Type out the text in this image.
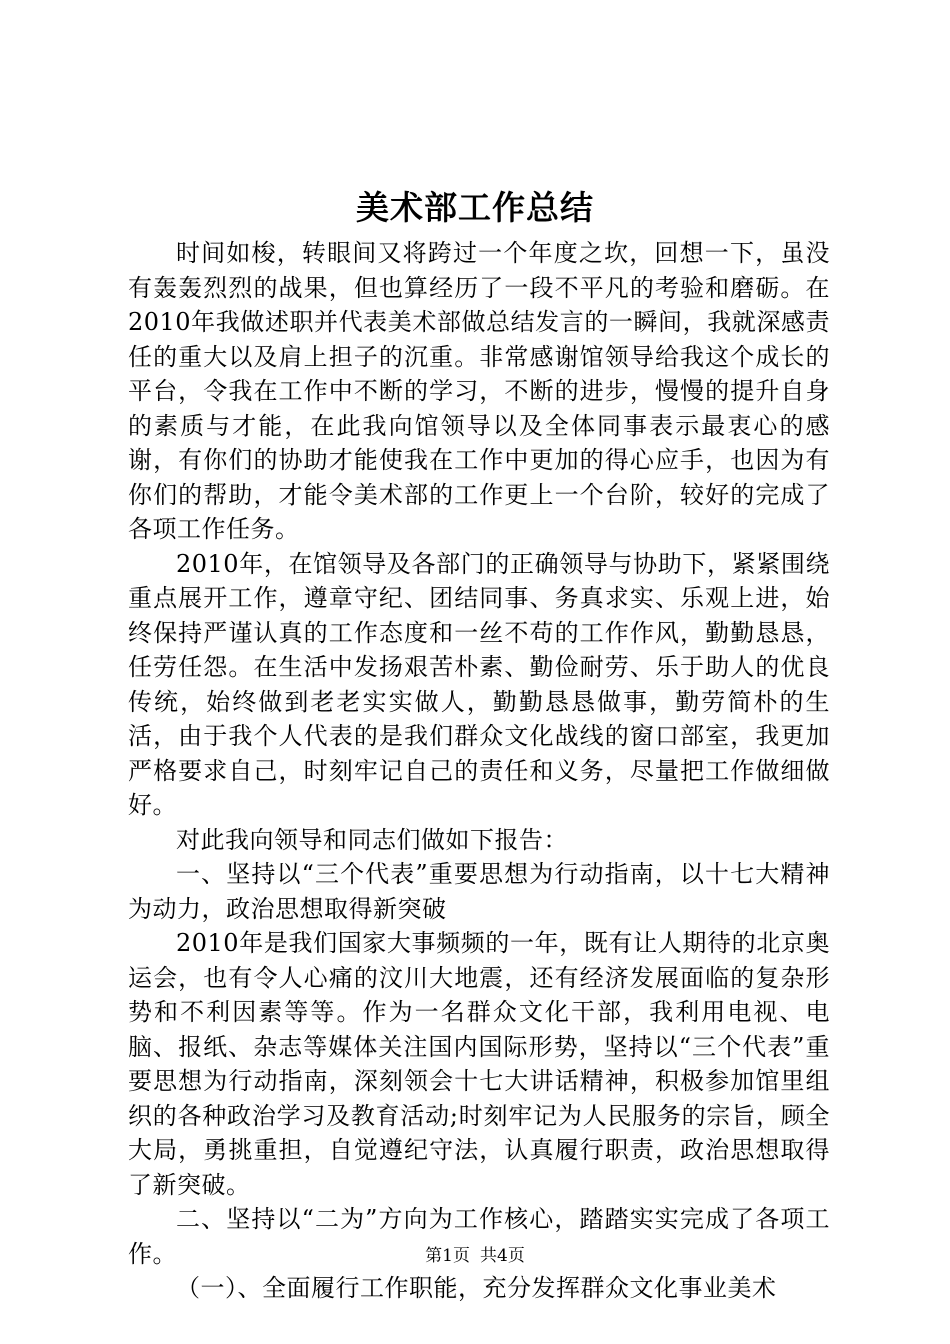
美术部工作总结

时间如梭，转眼间又将跨过一个年度之坎，回想一下，虽没有轰轰烈烈的战果，但也算经历了一段不平凡的考验和磨砺。在2010年我做述职并代表美术部做总结发言的一瞬间，我就深感责任的重大以及肩上担子的沉重。非常感谢馆领导给我这个成长的平台，令我在工作中不断的学习，不断的进步，慢慢的提升自身的素质与才能，在此我向馆领导以及全体同事表示最衷心的感谢，有你们的协助才能使我在工作中更加的得心应手，也因为有你们的帮助，才能令美术部的工作更上一个台阶，较好的完成了各项工作任务。

2010年，在馆领导及各部门的正确领导与协助下，紧紧围绕重点展开工作，遵章守纪、团结同事、务真求实、乐观上进，始终保持严谨认真的工作态度和一丝不苟的工作作风，勤勤恳恳，任劳任怨。在生活中发扬艰苦朴素、勤俭耐劳、乐于助人的优良传统，始终做到老老实实做人，勤勤恳恳做事，勤劳简朴的生活，由于我个人代表的是我们群众文化战线的窗口部室，我更加严格要求自己，时刻牢记自己的责任和义务，尽量把工作做细做好。

对此我向领导和同志们做如下报告：

一、坚持以“三个代表”重要思想为行动指南，以十七大精神为动力，政治思想取得新突破

2010年是我们国家大事频频的一年，既有让人期待的北京奥运会，也有令人心痛的汶川大地震，还有经济发展面临的复杂形势和不利因素等等。作为一名群众文化干部，我利用电视、电脑、报纸、杂志等媒体关注国内国际形势，坚持以“三个代表”重要思想为行动指南，深刻领会十七大讲话精神，积极参加馆里组织的各种政治学习及教育活动;时刻牢记为人民服务的宗旨，顾全大局，勇挑重担，自觉遵纪守法，认真履行职责，政治思想取得了新突破。

二、坚持以“二为”方向为工作核心，踏踏实实完成了各项工作。

（一）、全面履行工作职能，充分发挥群众文化事业美术

第1页 共4页
